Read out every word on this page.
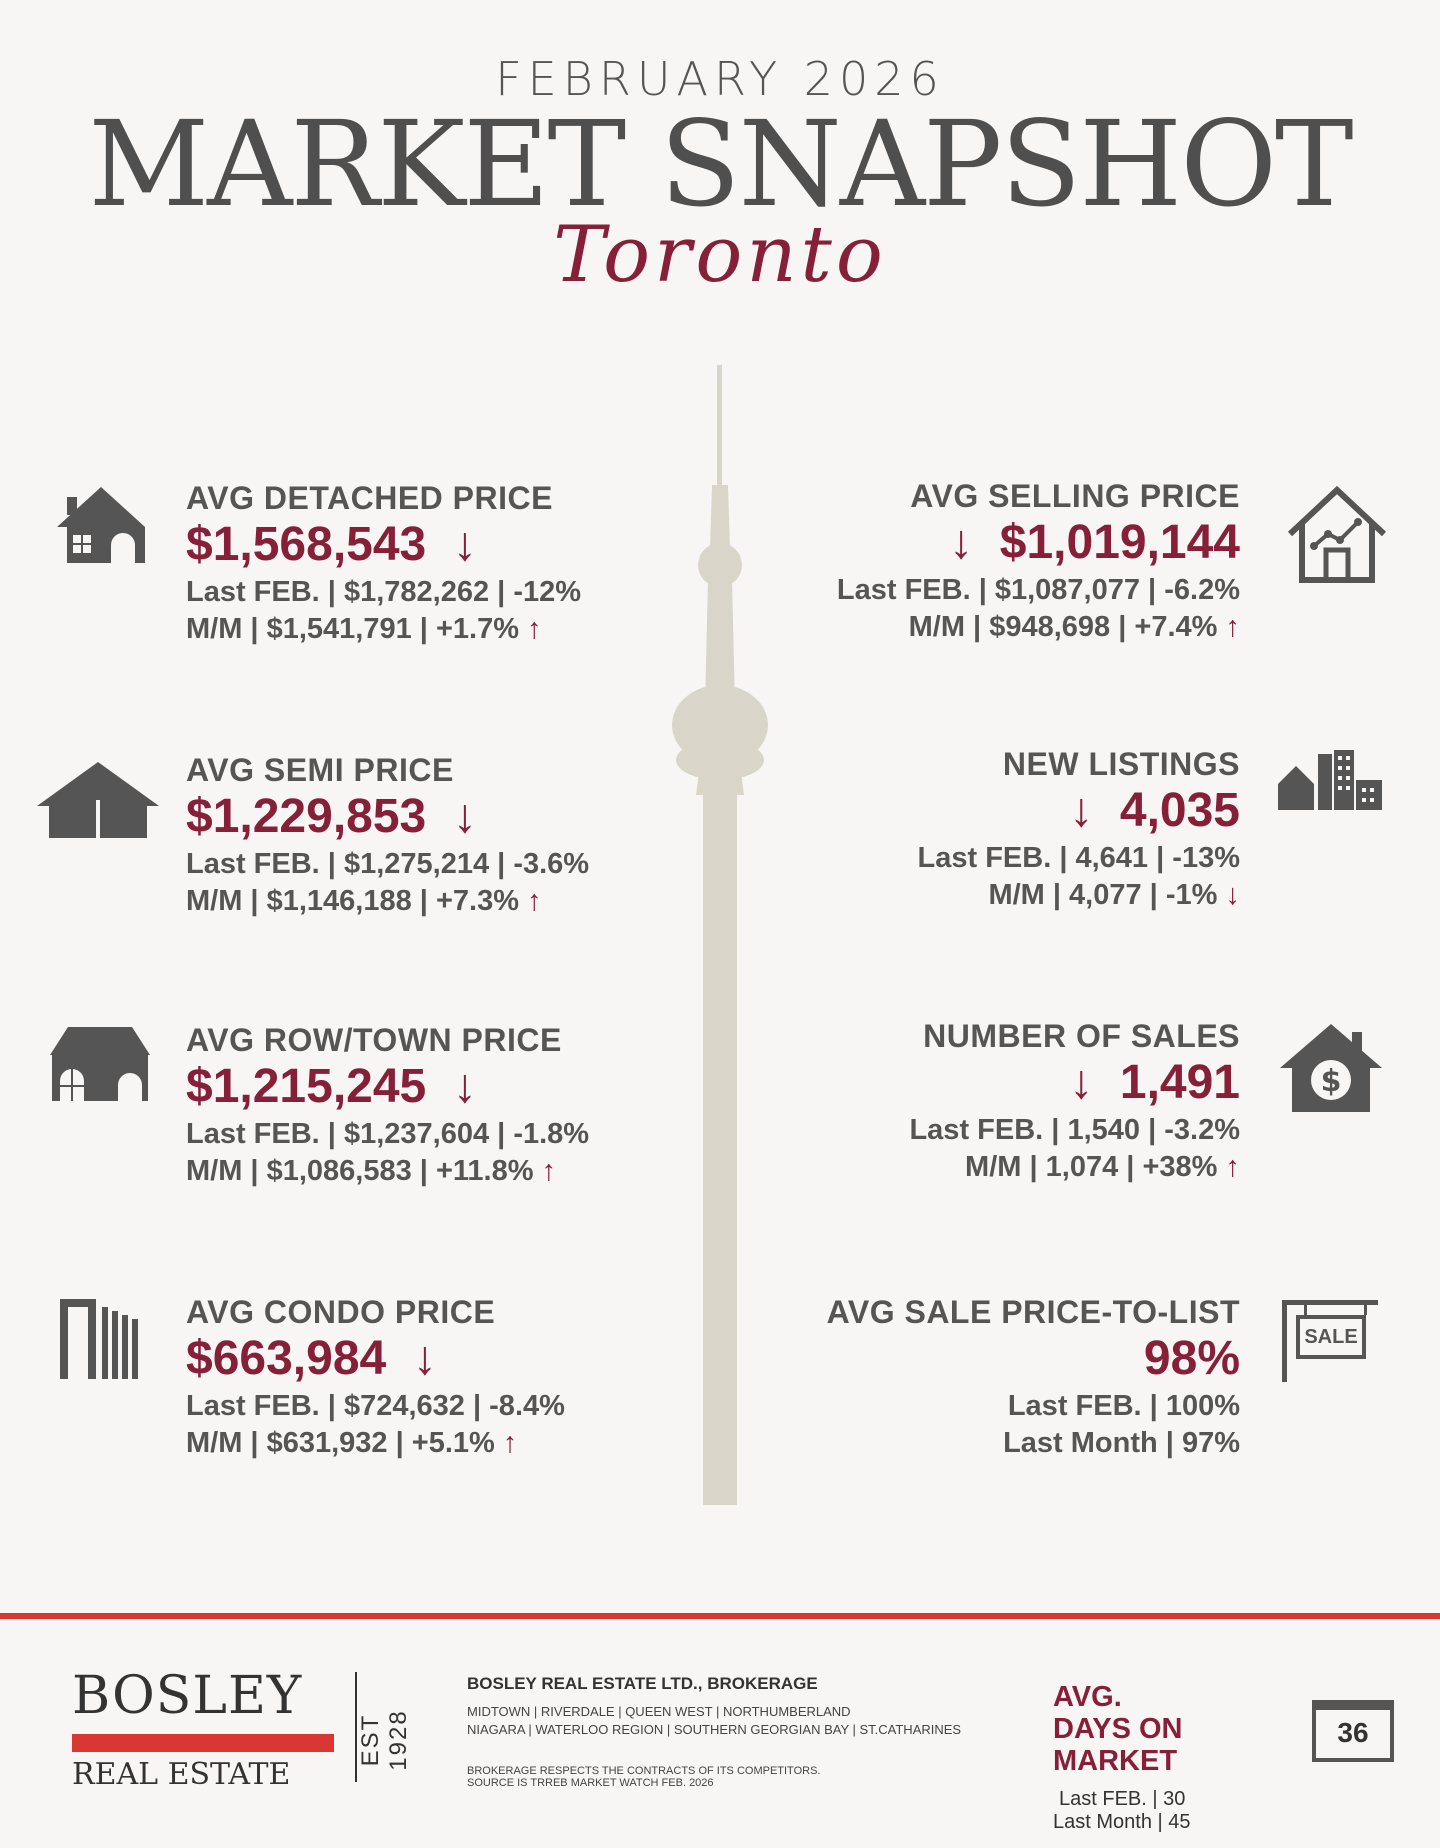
FEBRUARY 2026
MARKET SNAPSHOT
Toronto
AVG DETACHED PRICE
$1,568,543 ↓
Last FEB. | $1,782,262 | -12%
M/M | $1,541,791 | +1.7% ↑
AVG SEMI PRICE
$1,229,853 ↓
Last FEB. | $1,275,214 | -3.6%
M/M | $1,146,188 | +7.3% ↑
AVG ROW/TOWN PRICE
$1,215,245 ↓
Last FEB. | $1,237,604 | -1.8%
M/M | $1,086,583 | +11.8% ↑
AVG CONDO PRICE
$663,984 ↓
Last FEB. | $724,632 | -8.4%
M/M | $631,932 | +5.1% ↑
AVG SELLING PRICE
↓ $1,019,144
Last FEB. | $1,087,077 | -6.2%
M/M | $948,698 | +7.4% ↑
NEW LISTINGS
↓ 4,035
Last FEB. | 4,641 | -13%
M/M | 4,077 | -1% ↓
NUMBER OF SALES
↓ 1,491
Last FEB. | 1,540 | -3.2%
M/M | 1,074 | +38% ↑
$
AVG SALE PRICE-TO-LIST
98%
Last FEB. | 100%
Last Month | 97%
SALE
BOSLEY
REAL ESTATE
EST 1928
BOSLEY REAL ESTATE LTD., BROKERAGE
MIDTOWN | RIVERDALE | QUEEN WEST | NORTHUMBERLAND
NIAGARA | WATERLOO REGION | SOUTHERN GEORGIAN BAY | ST.CATHARINES
BROKERAGE RESPECTS THE CONTRACTS OF ITS COMPETITORS.
SOURCE IS TRREB MARKET WATCH FEB. 2026
AVG.
DAYS ON MARKET
Last FEB. | 30
Last Month | 45
36
